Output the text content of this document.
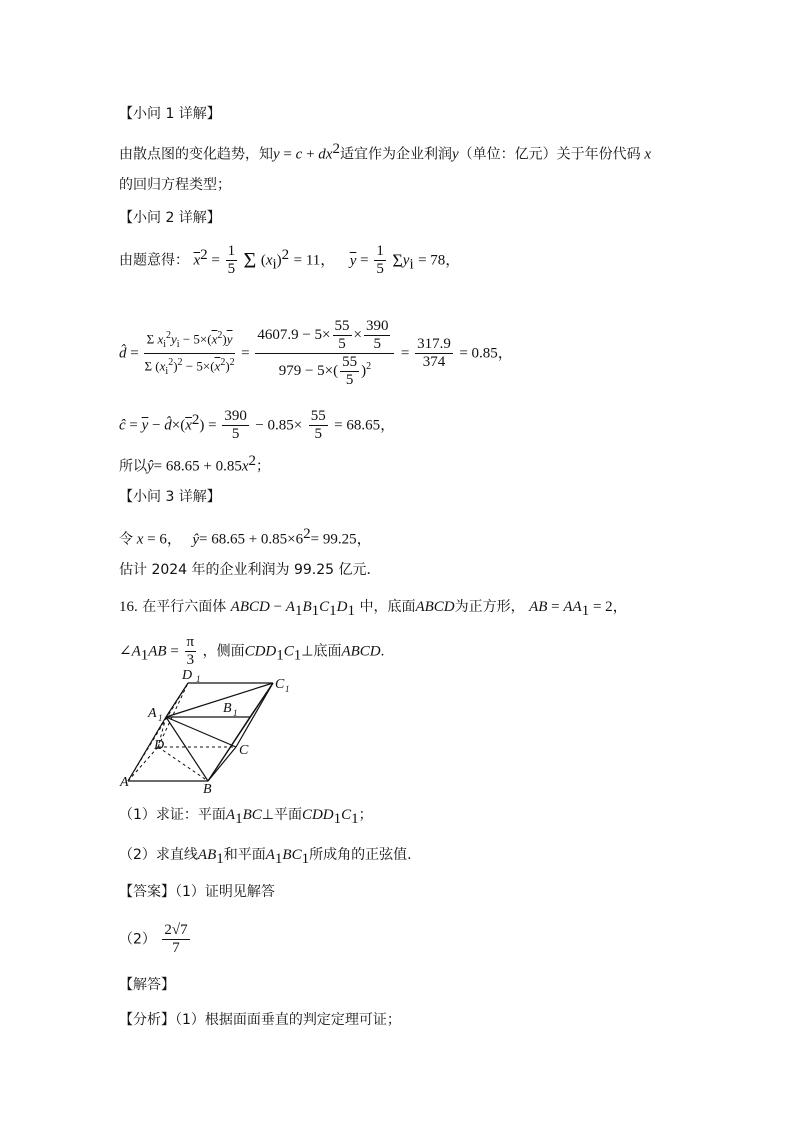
【小问 1 详解】
由散点图的变化趋势，知$y = c + dx^2$适宜作为企业利润y（单位：亿元）关于年份代码 x
的回归方程类型；
【小问 2 详解】
由题意得： $\overline{x}^2 = \frac{1}{5}$ Σ $(x_i)^2 = 11$， $\overline{y} = \frac{1}{5} \Sigma y_i = 78$，
d̂ = $\frac{\Sigma x_i^2y_i - 5\times(\overline{x}^2)\overline{y}}{\Sigma (x_i^2)^2 - 5\times(\overline{x}^2)^2} = \frac{4607.9 - 5\times \frac{55}{5} \times \frac{390}{5}}{979 - 5\times( \frac{55}{5} )^2} = \frac{317.9}{374} = 0.85$，
ĉ = $\overline{y}$ − $d̂\times(\overline{x}^2) = \frac{390}{5} - 0.85\times \frac{55}{5} = 68.65$，
所以ŷ= $68.65 + 0.85x^2$；
【小问 3 详解】
令 x = 6， ŷ= $68.65 + 0.85\times 6^2= 99.25$，
估计 2024 年的企业利润为 99.25 亿元．
16. 在平行六面体 ABCD − $A_1B_1C_1D_1$ 中，底面ABCD为正方形， AB = $AA_1 = 2$，
$\angle A_1AB = \frac{\pi}{3}$ ，侧面$CDD_1C_1\perp$底面ABCD.
D 1	C 1
A 1
B 1
D	C
A	B
（1）求证：平面$A_1BC\perp$平面$CDD_1C_1$；
（2）求直线$AB_1$和平面$A_1BC_1$所成角的正弦值.
【答案】（1）证明见解答
$(2) \frac{2√7}{7}$
【解答】
【分析】（1）根据面面垂直的判定定理可证；
